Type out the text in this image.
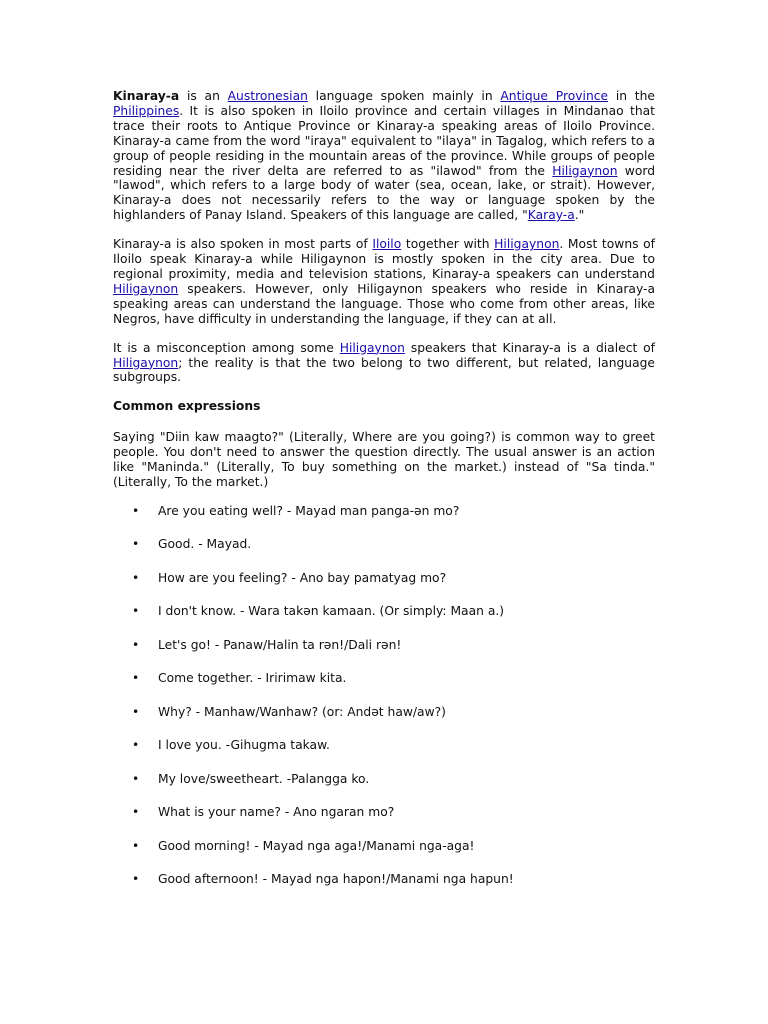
Kinaray-a is an Austronesian language spoken mainly in Antique Province in the Philippines. It is also spoken in Iloilo province and certain villages in Mindanao that trace their roots to Antique Province or Kinaray-a speaking areas of Iloilo Province. Kinaray-a came from the word "iraya" equivalent to "ilaya" in Tagalog, which refers to a group of people residing in the mountain areas of the province. While groups of people residing near the river delta are referred to as "ilawod" from the Hiligaynon word "lawod", which refers to a large body of water (sea, ocean, lake, or strait). However, Kinaray-a does not necessarily refers to the way or language spoken by the highlanders of Panay Island. Speakers of this language are called, "Karay-a."

Kinaray-a is also spoken in most parts of Iloilo together with Hiligaynon. Most towns of Iloilo speak Kinaray-a while Hiligaynon is mostly spoken in the city area. Due to regional proximity, media and television stations, Kinaray-a speakers can understand Hiligaynon speakers. However, only Hiligaynon speakers who reside in Kinaray-a speaking areas can understand the language. Those who come from other areas, like Negros, have difficulty in understanding the language, if they can at all.

It is a misconception among some Hiligaynon speakers that Kinaray-a is a dialect of Hiligaynon; the reality is that the two belong to two different, but related, language subgroups.

Common expressions

Saying "Diin kaw maagto?" (Literally, Where are you going?) is common way to greet people. You don't need to answer the question directly. The usual answer is an action like "Maninda." (Literally, To buy something on the market.) instead of "Sa tinda." (Literally, To the market.)

• Are you eating well? - Mayad man panga-ən mo?
• Good. - Mayad.
• How are you feeling? - Ano bay pamatyag mo?
• I don't know. - Wara takən kamaan. (Or simply: Maan a.)
• Let's go! - Panaw/Halin ta rən!/Dali rən!
• Come together. - Iririmaw kita.
• Why? - Manhaw/Wanhaw? (or: Andət haw/aw?)
• I love you. -Gihugma takaw.
• My love/sweetheart. -Palangga ko.
• What is your name? - Ano ngaran mo?
• Good morning! - Mayad nga aga!/Manami nga-aga!
• Good afternoon! - Mayad nga hapon!/Manami nga hapun!
